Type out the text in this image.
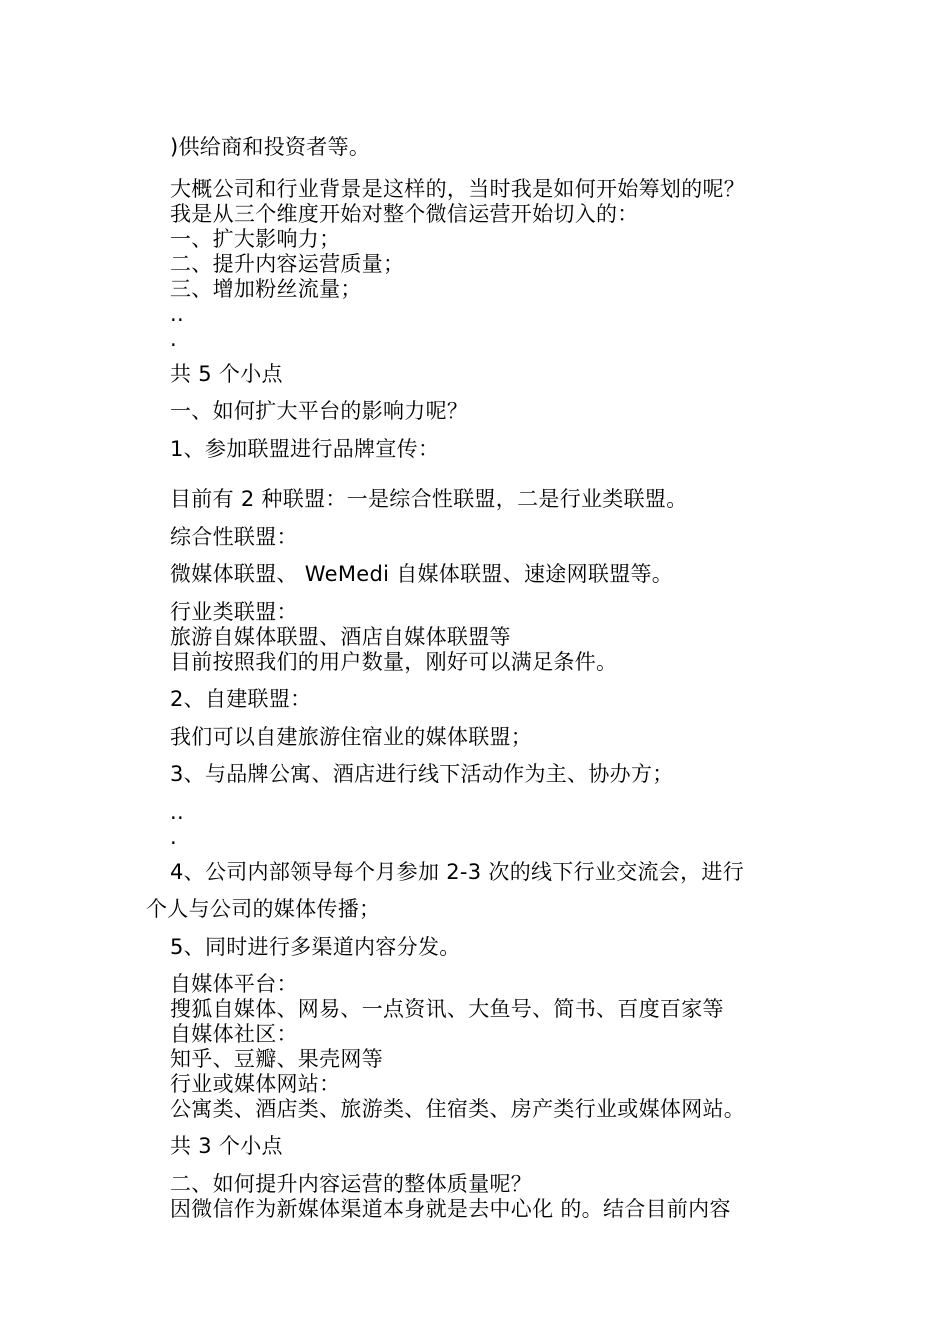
)供给商和投资者等。
大概公司和行业背景是这样的，当时我是如何开始筹划的呢？
我是从三个维度开始对整个微信运营开始切入的：
一、扩大影响力；
二、提升内容运营质量；
三、增加粉丝流量；
..
.
共 5 个小点
一、如何扩大平台的影响力呢？
1、参加联盟进行品牌宣传：
目前有 2 种联盟：一是综合性联盟，二是行业类联盟。
综合性联盟：
微媒体联盟、 WeMedi 自媒体联盟、速途网联盟等。
行业类联盟：
旅游自媒体联盟、酒店自媒体联盟等
目前按照我们的用户数量，刚好可以满足条件。
2、自建联盟：
我们可以自建旅游住宿业的媒体联盟；
3、与品牌公寓、酒店进行线下活动作为主、协办方；
..
.
4、公司内部领导每个月参加 2-3 次的线下行业交流会，进行
个人与公司的媒体传播；
5、同时进行多渠道内容分发。
自媒体平台：
搜狐自媒体、网易、一点资讯、大鱼号、简书、百度百家等
自媒体社区：
知乎、豆瓣、果壳网等
行业或媒体网站：
公寓类、酒店类、旅游类、住宿类、房产类行业或媒体网站。
共 3 个小点
二、如何提升内容运营的整体质量呢？
因微信作为新媒体渠道本身就是去中心化 的。结合目前内容
